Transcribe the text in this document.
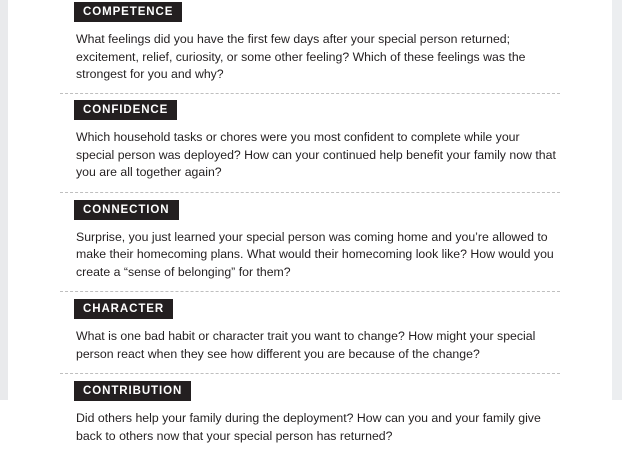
COMPETENCE

What feelings did you have the first few days after your special person returned; excitement, relief, curiosity, or some other feeling? Which of these feelings was the strongest for you and why?

CONFIDENCE

Which household tasks or chores were you most confident to complete while your special person was deployed? How can your continued help benefit your family now that you are all together again?

CONNECTION

Surprise, you just learned your special person was coming home and you’re allowed to make their homecoming plans. What would their homecoming look like? How would you create a “sense of belonging” for them?

CHARACTER

What is one bad habit or character trait you want to change? How might your special person react when they see how different you are because of the change?

CONTRIBUTION

Did others help your family during the deployment? How can you and your family give back to others now that your special person has returned?
